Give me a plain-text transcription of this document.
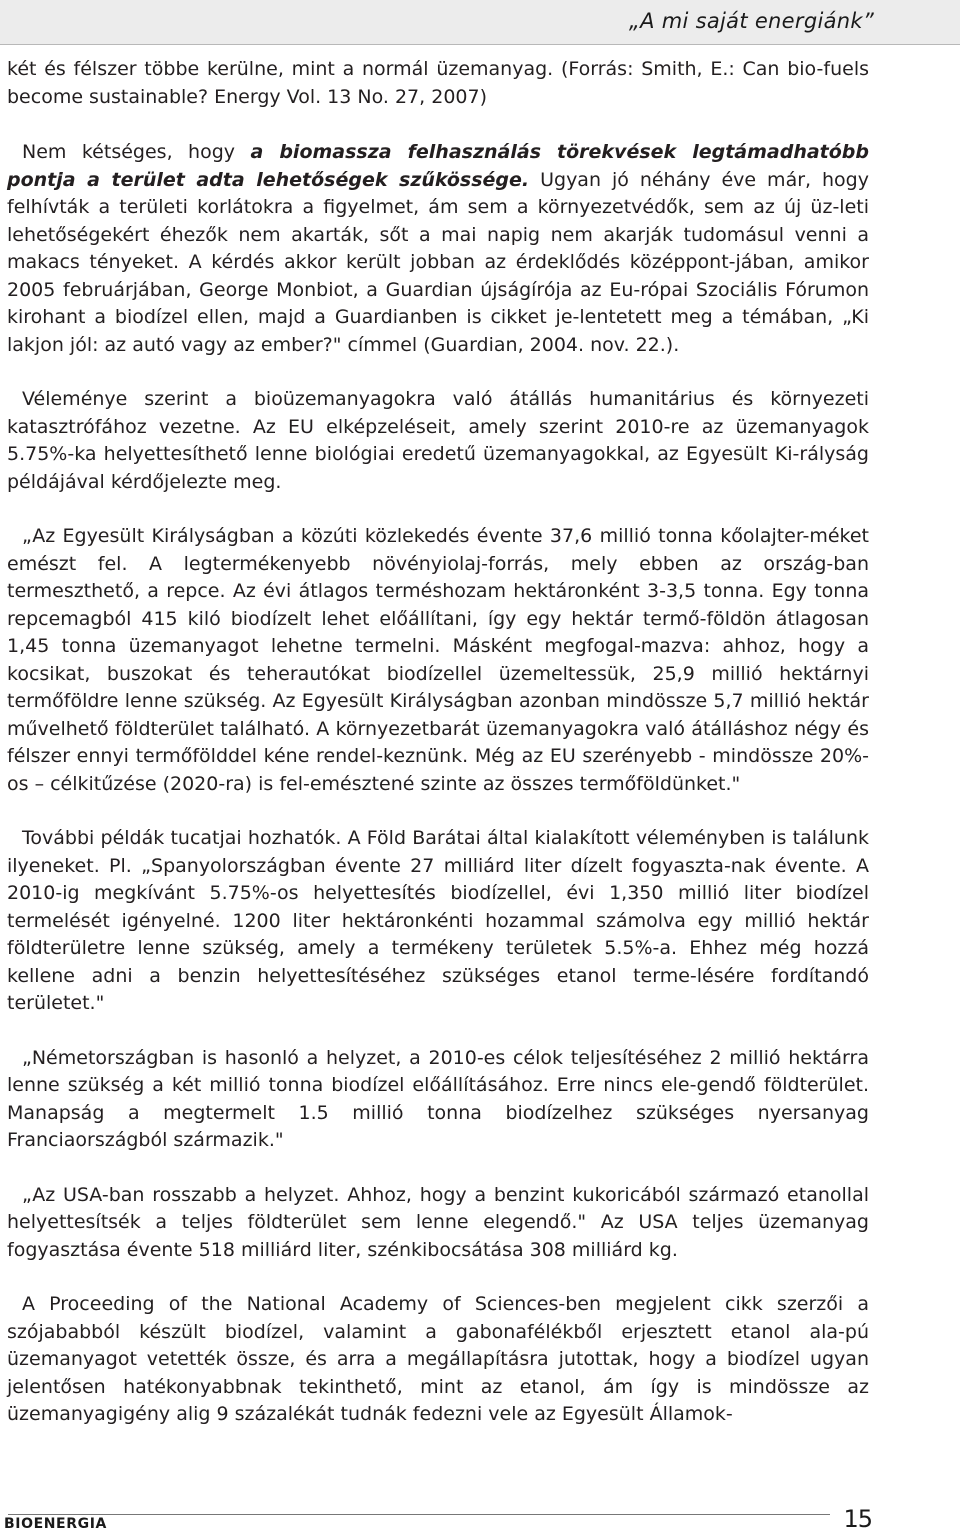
„A mi saját energiánk”

két és félszer többe kerülne, mint a normál üzemanyag. (Forrás: Smith, E.: Can bio-fuels become sustainable? Energy Vol. 13 No. 27, 2007)

Nem kétséges, hogy a biomassza felhasználás törekvések legtámadhatóbb pontja a terület adta lehetőségek szűkössége. Ugyan jó néhány éve már, hogy felhívták a területi korlátokra a figyelmet, ám sem a környezetvédők, sem az új üz-leti lehetőségekért éhezők nem akarták, sőt a mai napig nem akarják tudomásul venni a makacs tényeket. A kérdés akkor került jobban az érdeklődés középpont-jában, amikor 2005 februárjában, George Monbiot, a Guardian újságírója az Eu-rópai Szociális Fórumon kirohant a biodízel ellen, majd a Guardianben is cikket je-lentetett meg a témában, „Ki lakjon jól: az autó vagy az ember?" címmel (Guardian, 2004. nov. 22.).

Véleménye szerint a bioüzemanyagokra való átállás humanitárius és környezeti katasztrófához vezetne. Az EU elképzeléseit, amely szerint 2010-re az üzemanyagok 5.75%-ka helyettesíthető lenne biológiai eredetű üzemanyagokkal, az Egyesült Ki-rályság példájával kérdőjelezte meg.

„Az Egyesült Királyságban a közúti közlekedés évente 37,6 millió tonna kőolajter-méket emészt fel. A legtermékenyebb növényiolaj-forrás, mely ebben az ország-ban termeszthető, a repce. Az évi átlagos terméshozam hektáronként 3-3,5 tonna. Egy tonna repcemagból 415 kiló biodízelt lehet előállítani, így egy hektár termő-földön átlagosan 1,45 tonna üzemanyagot lehetne termelni. Másként megfogal-mazva: ahhoz, hogy a kocsikat, buszokat és teherautókat biodízellel üzemeltessük, 25,9 millió hektárnyi termőföldre lenne szükség. Az Egyesült Királyságban azonban mindössze 5,7 millió hektár művelhető földterület található. A környezetbarát üzemanyagokra való átálláshoz négy és félszer ennyi termőfölddel kéne rendel-keznünk. Még az EU szerényebb - mindössze 20%-os – célkitűzése (2020-ra) is fel-emésztené szinte az összes termőföldünket."

További példák tucatjai hozhatók. A Föld Barátai által kialakított véleményben is találunk ilyeneket. Pl. „Spanyolországban évente 27 milliárd liter dízelt fogyaszta-nak évente. A 2010-ig megkívánt 5.75%-os helyettesítés biodízellel, évi 1,350 millió liter biodízel termelését igényelné. 1200 liter hektáronkénti hozammal számolva egy millió hektár földterületre lenne szükség, amely a termékeny területek 5.5%-a. Ehhez még hozzá kellene adni a benzin helyettesítéséhez szükséges etanol terme-lésére fordítandó területet."

„Németországban is hasonló a helyzet, a 2010-es célok teljesítéséhez 2 millió hektárra lenne szükség a két millió tonna biodízel előállításához. Erre nincs ele-gendő földterület. Manapság a megtermelt 1.5 millió tonna biodízelhez szükséges nyersanyag Franciaországból származik."

„Az USA-ban rosszabb a helyzet. Ahhoz, hogy a benzint kukoricából származó etanollal helyettesítsék a teljes földterület sem lenne elegendő." Az USA teljes üzemanyag fogyasztása évente 518 milliárd liter, szénkibocsátása 308 milliárd kg.

A Proceeding of the National Academy of Sciences-ben megjelent cikk szerzői a szójababból készült biodízel, valamint a gabonafélékből erjesztett etanol ala-pú üzemanyagot vetették össze, és arra a megállapításra jutottak, hogy a biodízel ugyan jelentősen hatékonyabbnak tekinthető, mint az etanol, ám így is mindössze az üzemanyagigény alig 9 százalékát tudnák fedezni vele az Egyesült Államok-

BIOENERGIA	15
